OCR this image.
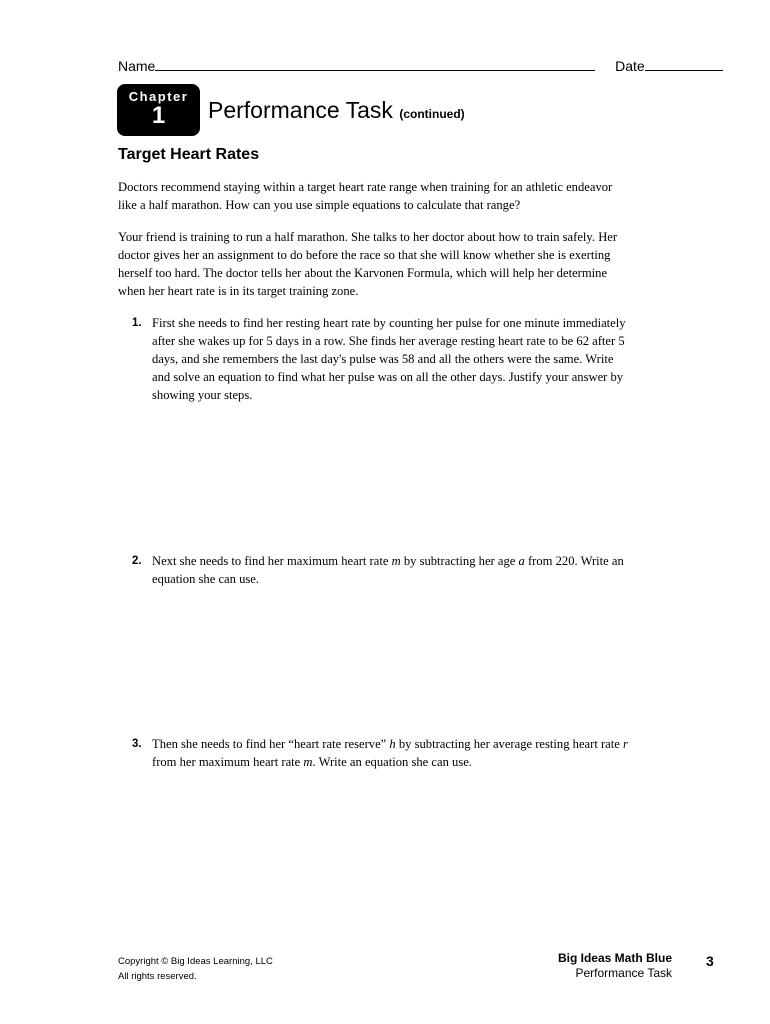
Name	Date
Chapter
1	Performance Task (continued)
Target Heart Rates
Doctors recommend staying within a target heart rate range when training for an athletic endeavor like a half marathon. How can you use simple equations to calculate that range?
Your friend is training to run a half marathon. She talks to her doctor about how to train safely. Her doctor gives her an assignment to do before the race so that she will know whether she is exerting herself too hard. The doctor tells her about the Karvonen Formula, which will help her determine when her heart rate is in its target training zone.
1. First she needs to find her resting heart rate by counting her pulse for one minute immediately after she wakes up for 5 days in a row. She finds her average resting heart rate to be 62 after 5 days, and she remembers the last day's pulse was 58 and all the others were the same. Write and solve an equation to find what her pulse was on all the other days. Justify your answer by showing your steps.
2. Next she needs to find her maximum heart rate m by subtracting her age a from 220. Write an equation she can use.
3. Then she needs to find her “heart rate reserve” h by subtracting her average resting heart rate r from her maximum heart rate m. Write an equation she can use.
Copyright © Big Ideas Learning, LLC
All rights reserved.
Big Ideas Math Blue
Performance Task
3
